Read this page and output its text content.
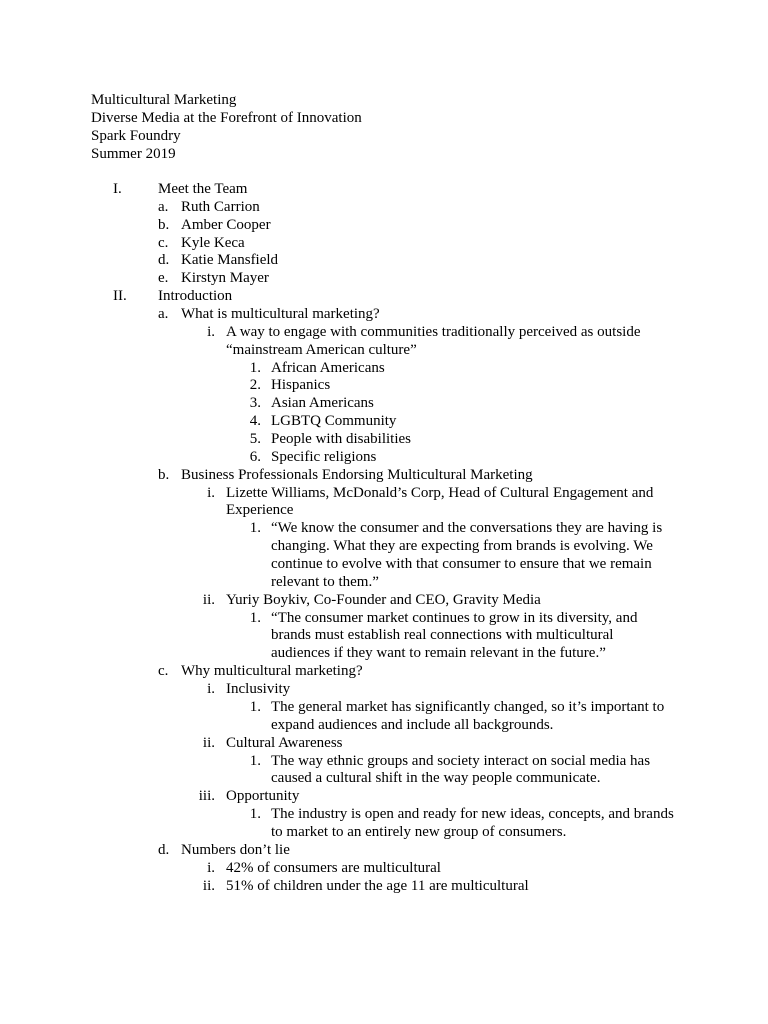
Multicultural Marketing
Diverse Media at the Forefront of Innovation
Spark Foundry
Summer 2019
I. Meet the Team
a. Ruth Carrion
b. Amber Cooper
c. Kyle Keca
d. Katie Mansfield
e. Kirstyn Mayer
II. Introduction
a. What is multicultural marketing?
i. A way to engage with communities traditionally perceived as outside
“mainstream American culture”
1. African Americans
2. Hispanics
3. Asian Americans
4. LGBTQ Community
5. People with disabilities
6. Specific religions
b. Business Professionals Endorsing Multicultural Marketing
i. Lizette Williams, McDonald’s Corp, Head of Cultural Engagement and
Experience
1. “We know the consumer and the conversations they are having is
changing. What they are expecting from brands is evolving. We
continue to evolve with that consumer to ensure that we remain
relevant to them.”
ii. Yuriy Boykiv, Co-Founder and CEO, Gravity Media
1. “The consumer market continues to grow in its diversity, and
brands must establish real connections with multicultural
audiences if they want to remain relevant in the future.”
c. Why multicultural marketing?
i. Inclusivity
1. The general market has significantly changed, so it’s important to
expand audiences and include all backgrounds.
ii. Cultural Awareness
1. The way ethnic groups and society interact on social media has
caused a cultural shift in the way people communicate.
iii. Opportunity
1. The industry is open and ready for new ideas, concepts, and brands
to market to an entirely new group of consumers.
d. Numbers don’t lie
i. 42% of consumers are multicultural
ii. 51% of children under the age 11 are multicultural
